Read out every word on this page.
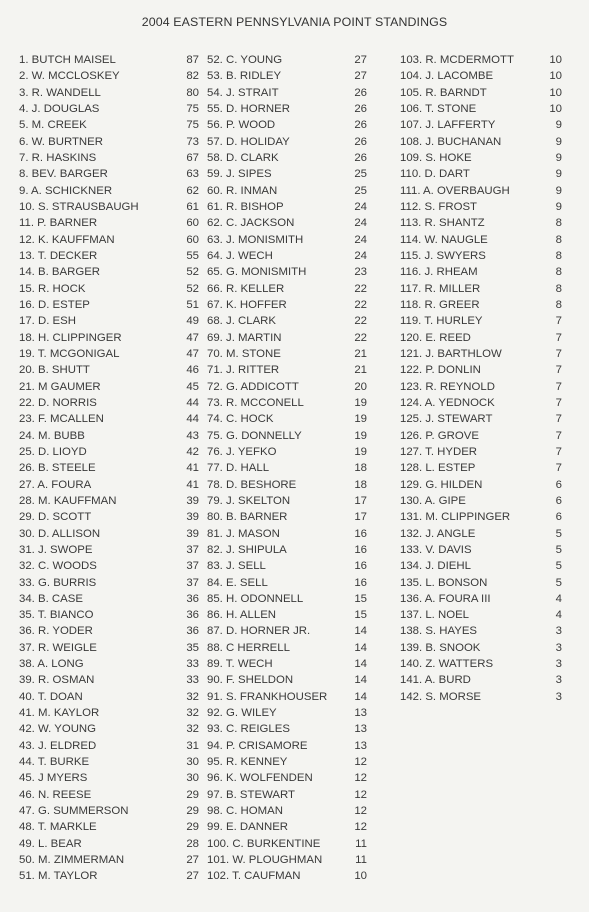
2004 EASTERN PENNSYLVANIA POINT STANDINGS
1. BUTCH MAISEL	87
2. W. MCCLOSKEY	82
3. R. WANDELL	80
4. J. DOUGLAS	75
5. M. CREEK	75
6. W. BURTNER	73
7. R. HASKINS	67
8. BEV. BARGER	63
9. A. SCHICKNER	62
10. S. STRAUSBAUGH	61
11. P. BARNER	60
12. K. KAUFFMAN	60
13. T. DECKER	55
14. B. BARGER	52
15. R. HOCK	52
16. D. ESTEP	51
17. D. ESH	49
18. H. CLIPPINGER	47
19. T. MCGONIGAL	47
20. B. SHUTT	46
21. M GAUMER	45
22. D. NORRIS	44
23. F. MCALLEN	44
24. M. BUBB	43
25. D. LIOYD	42
26. B. STEELE	41
27. A. FOURA	41
28. M. KAUFFMAN	39
29. D. SCOTT	39
30. D. ALLISON	39
31. J. SWOPE	37
32. C. WOODS	37
33. G. BURRIS	37
34. B. CASE	36
35. T. BIANCO	36
36. R. YODER	36
37. R. WEIGLE	35
38. A. LONG	33
39. R. OSMAN	33
40. T. DOAN	32
41. M. KAYLOR	32
42. W. YOUNG	32
43. J. ELDRED	31
44. T. BURKE	30
45. J MYERS	30
46. N. REESE	29
47. G. SUMMERSON	29
48. T. MARKLE	29
49. L. BEAR	28
50. M. ZIMMERMAN	27
51. M. TAYLOR	27
52. C. YOUNG	27
53. B. RIDLEY	27
54. J. STRAIT	26
55. D. HORNER	26
56. P. WOOD	26
57. D. HOLIDAY	26
58. D. CLARK	26
59. J. SIPES	25
60. R. INMAN	25
61. R. BISHOP	24
62. C. JACKSON	24
63. J. MONISMITH	24
64. J. WECH	24
65. G. MONISMITH	23
66. R. KELLER	22
67. K. HOFFER	22
68. J. CLARK	22
69. J. MARTIN	22
70. M. STONE	21
71. J. RITTER	21
72. G. ADDICOTT	20
73. R. MCCONELL	19
74. C. HOCK	19
75. G. DONNELLY	19
76. J. YEFKO	19
77. D. HALL	18
78. D. BESHORE	18
79. J. SKELTON	17
80. B. BARNER	17
81. J. MASON	16
82. J. SHIPULA	16
83. J. SELL	16
84. E. SELL	16
85. H. ODONNELL	15
86. H. ALLEN	15
87. D. HORNER JR.	14
88. C HERRELL	14
89. T. WECH	14
90. F. SHELDON	14
91. S. FRANKHOUSER	14
92. G. WILEY	13
93. C. REIGLES	13
94. P. CRISAMORE	13
95. R. KENNEY	12
96. K. WOLFENDEN	12
97. B. STEWART	12
98. C. HOMAN	12
99. E. DANNER	12
100. C. BURKENTINE	11
101. W. PLOUGHMAN	11
102. T. CAUFMAN	10
103. R. MCDERMOTT	10
104. J. LACOMBE	10
105. R. BARNDT	10
106. T. STONE	10
107. J. LAFFERTY	9
108. J. BUCHANAN	9
109. S. HOKE	9
110. D. DART	9
111. A. OVERBAUGH	9
112. S. FROST	9
113. R. SHANTZ	8
114. W. NAUGLE	8
115. J. SWYERS	8
116. J. RHEAM	8
117. R. MILLER	8
118. R. GREER	8
119. T. HURLEY	7
120. E. REED	7
121. J. BARTHLOW	7
122. P. DONLIN	7
123. R. REYNOLD	7
124. A. YEDNOCK	7
125. J. STEWART	7
126. P. GROVE	7
127. T. HYDER	7
128. L. ESTEP	7
129. G. HILDEN	6
130. A. GIPE	6
131. M. CLIPPINGER	6
132. J. ANGLE	5
133. V. DAVIS	5
134. J. DIEHL	5
135. L. BONSON	5
136. A. FOURA III	4
137. L. NOEL	4
138. S. HAYES	3
139. B. SNOOK	3
140. Z. WATTERS	3
141. A. BURD	3
142. S. MORSE	3
